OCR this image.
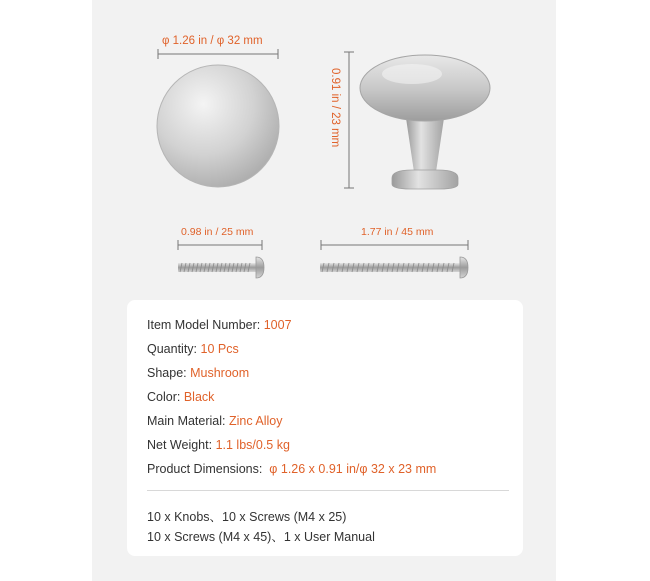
φ 1.26 in / φ 32 mm
0.91 in / 23 mm
0.98 in / 25 mm	1.77 in / 45 mm
Item Model Number: 1007
Quantity: 10 Pcs
Shape: Mushroom
Color: Black
Main Material: Zinc Alloy
Net Weight: 1.1 lbs/0.5 kg
Product Dimensions:  φ 1.26 x 0.91 in/φ 32 x 23 mm
10 x Knobs、10 x Screws (M4 x 25)
10 x Screws (M4 x 45)、1 x User Manual
